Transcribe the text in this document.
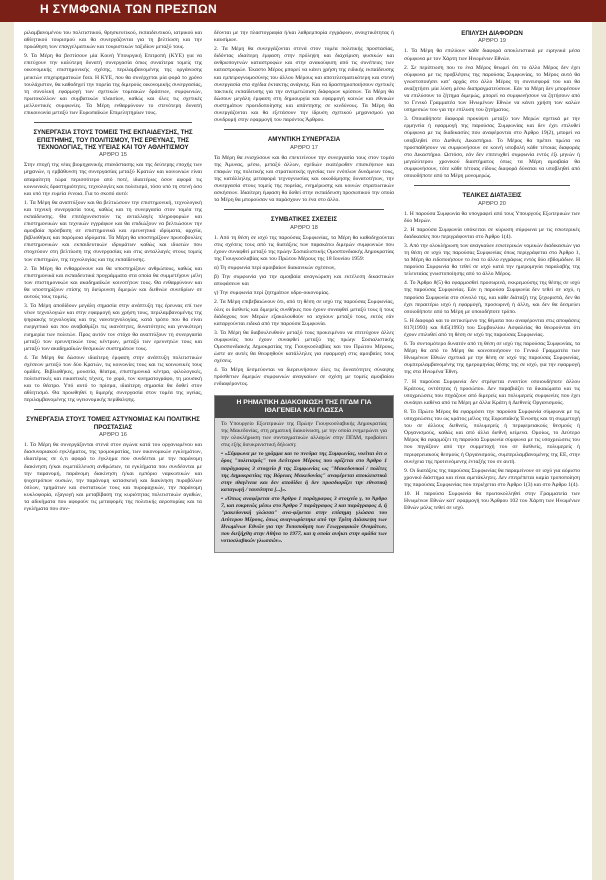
Η ΣΥΜΦΩΝΙΑ ΤΩΝ ΠΡΕΣΠΩΝ

ριλαμβανομένου του πολιτιστικού, θρησκευτικού, εκπαιδευτικού, ιατρικού και αθλητικού τουρισμού και θα συνεργάζονται για τη βελτίωση και την προώθηση των επαγγελματικών και τουριστικών ταξιδίων μεταξύ τους.

9. Τα Μέρη θα βεστίσουν μία Κοινή Υπουργική Επιτροπή (ΚΥΕ) για να επιτύχουν την καλύτερη δυνατή συνεργασία όπως συναίτερα τομείς της οικονομικής επιστημονικής σχέσης, περιλαμβανομένης της οργάνωσης μεικτών επιχειρηματικών fora. Η ΚΥΕ, που θα συνέρχεται μία φορά το χρόνο τουλάχιστον, θα καθοδηγεί την πορεία της διμερούς οικονομικής συνεργασίας, τη συνολική εφαρμογή των σχετικών τομεακών δράσεων, συμφωνιών, πρωτοκόλλων και συμβατικών πλαισίων, καθώς και όλες τις σχετικές μελλοντικές συμφωνίες. Τα Μέρη ενθαρρύνουν το στενότερη δυνατή επικοινωνία μεταξύ των Ευρωπαϊκών Επιμελητηρίων τους.

ΣΥΝΕΡΓΑΣΙΑ ΣΤΟΥΣ ΤΟΜΕΙΣ ΤΗΣ ΕΚΠΑΙΔΕΥΣΗΣ, ΤΗΣ ΕΠΙΣΤΗΜΗΣ, ΤΟΥ ΠΟΛΙΤΙΣΜΟΥ, ΤΗΣ ΕΡΕΥΝΑΣ, ΤΗΣ ΤΕΧΝΟΛΟΓΙΑΣ, ΤΗΣ ΥΓΕΙΑΣ ΚΑΙ ΤΟΥ ΑΘΛΗΤΙΣΜΟΥ
ΑΡΘΡΟ 15

Στην εποχή της νέας βιομηχανικής επανάστασης και της δεύτερης εποχής των μηχανών, η εμβάθυνση της συνεργασίας μεταξύ Κρατών και κοινωνιών είναι απαραίτητη τώρα περισσότερο από ποτέ, ιδιαιτέρως όσον αφορά τις κοινωνικές δραστηριότητες, τεχνολογίες και πολιτισμό, τόσο υπό τη στενή όσο και υπό την ευρεία έννοια. Για το σκοπό αυτό:

1. Τα Μέρη θα αναπτύξουν και θα βελτιώσουν την επιστημονική, τεχνολογική και τεχνική συνεργασία τους, καθώς και τη συνεργασία στον τομέα της εκπαίδευσης. Θα επιτάχυνσιστούν τις ανταλλαγές πληροφοριών και επιστημονικών και τεχνικών εγγράφων και θα επιδιώξουν να βελτιώσουν την αμοιβαία πρόσβαση σε επιστημονικά και ερευνητικά ιδρύματα, αρχεία, βιβλιοθήκες και παρόμοια ιδρύματα. Τα Μέρη θα υποστηρίξουν πρωτοβουλίες επιστημονικών και εκπαιδευτικών ιδρυμάτων καθώς και ιδιωτών που στοχεύουν στη βελτίωση της συνεργασίας και στις ανταλλαγές στους τομείς των επιστημών, της τεχνολογίας και της εκπαίδευσης.

2. Τα Μέρη θα ενθαρρύνουν και θα υποστηρίζουν ανθρώπους, καθώς και επιστημονικά και εκπαιδευτικά προγράμματα στα οποία θα συμμετέχουν μέλη των επιστημονικών και ακαδημαϊκών κοινοτήτων τους. Θα ενθαρρύνουν και θα υποστηρίζουν επίσης τη διεύρυνση διμερών και διεθνών συνεδρίων σε αυτούς τους τομείς.

3. Τα Μέρη αποδίδουν μεγάλη σημασία στην ανάπτυξη της έρευνας επί των νέων τεχνολογιών και στην εφαρμογή και χρήση τους, περιλαμβανομένης της ψηφιακής τεχνολογίας και της νανοτεχνολογίας, κατά τρόπο που θα είναι ευεργετικό και που αναβαθμίζει τις ικανότητες, δυνατότητες και γενικότερη ευημερία των πολιτών. Προς αυτόν τον στόχο θα αναπτύξουν τη συνεργασία μεταξύ των ερευνητικών τους κέντρων, μεταξύ των ερευνητών τους και μεταξύ των ακαδημαϊκών θεσμικών συστημάτων τους.

4. Τα Μέρη θα δώσουν ιδιαίτερη έμφαση στην ανάπτυξη πολιτιστικών σχέσεων μεταξύ των δύο Κρατών, τις κοινωνίες τους και τις κοινωνικές τους ομάδες. Βιβλιοθήκες, μουσεία, θέατρα, επιστημονικά κέντρα, φιλολογικές, πολιτιστικές και εικαστικές τέχνες, το χορό, τον κινηματογράφο, τη μουσική και το θέατρο. Υπό αυτό το πρίσμα, ιδιαίτερη σημασία θα δοθεί στον αθλητισμό. Θα προωθηθεί η διμερής συνεργασία στον τομέα της υγείας, περιλαμβανομένης της υγειονομικής περίθαλψης.

ΣΥΝΕΡΓΑΣΙΑ ΣΤΟΥΣ ΤΟΜΕΙΣ ΑΣΤΥΝΟΜΙΑΣ ΚΑΙ ΠΟΛΙΤΙΚΗΣ ΠΡΟΣΤΑΣΙΑΣ
ΑΡΘΡΟ 16

1. Τα Μέρη θα συνεργάζονται στενά στον αγώνα κατά του οργανωμένου και διασυνοριακού εγκλήματος, της τρομοκρατίας, των οικονομικών εγκλημάτων, ιδιαιτέρως σε ό,τι αφορά το έγκλημα που συνδέεται με την παράνομη διακίνηση ή/και εκμετάλλευση ανθρώπων, τα εγκλήματα που συνδέονται με την παρανομή, παράνομη διακίνηση ή/και εμπόριο ναρκωτικών και ψυχοτρόπων ουσιών, την παράνομη κατασκευή και διακίνηση πυροβόλων όπλων, τμημάτων και συστατικών τους και πυρομαχικών, την παράνομη κυκλοφορία, εξαγωγή και μεταβίβαση της κυριότητας πολιτιστικών αγαθών, τα αδικήματα που αφορούν τις μεταφορές της πολιτικής αεροπορίας και τα εγκλήματα που συν-

δέονται με την πλαστογραφία ή/και λαθρεμπορία εγγράφων, ανοιχτικότητας ή καυσίμων.

2. Τα Μέρη θα συνεργάζονται στενά στον τομέα πολιτικής προστασίας, διδόντας ιδιαίτερη έμφαση στην πρόληψη και διαχείριση φυσικών και ανθρωπογενών καταστροφών και στην ανακούφιση από τις συνέπειες των καταστροφών. Έκαστο Μέρος μπορεί να κάνει χρήση της ειδικής εκπαίδευσης και εμπειρογνωμοσύνης του άλλου Μέρους και αποτελεσματικότερη και στενή συνεργασία στα σχέδια έκτακτης ανάγκης. Και να δραστηριοποιήσουν σχετικές τακτικές εκπαίδευσης για την αντιμετώπιση διάφορων κρίσεων. Τα Μέρη θα δώσουν μεγάλη έμφαση στη δημιουργία και εφαρμογή κοινών και εθνικών συστημάτων προειδοποίησης και απάντησης σε κινδύνους. Τα Μέρη θα συνεργάζονται και θα εξετάσουν την ίδρυση σχετικού μηχανισμού για συνδρομή στην εφαρμογή του παρόντος Άρθρου.

ΑΜΥΝΤΙΚΗ ΣΥΝΕΡΓΑΣΙΑ
ΑΡΘΡΟ 17

Τα Μέρη θα ενισχύσουν και θα επεκτείνουν την συνεργασία τους στον τομέα της Άμυνας, μέσω, μεταξύ άλλων, σχεδιών εκατέρωθεν επισκέψεων και επαφών της πολιτικής και στρατιωτικής ηγεσίας των ενόπλων δυνάμεων τους, της κατάλληλης μεταφορά τεχνογνωσίας και οικοδόμησης δυνατοτήτων, την συνεργασία στους τομείς της πορείας, ενημέρωσης και κοινών στρατιωτικών ασκήσεων. Ιδιαίτερη έμφαση θα δοθεί στην εκπαίδευση προσωπικού την οποία τα Μέρη θα μπορούσαν να παράσχουν το ένα στο άλλο.

ΣΥΜΒΑΤΙΚΕΣ ΣΧΕΣΕΙΣ
ΑΡΘΡΟ 18

1. Από τη θέση σε ισχύ της παρούσας Συμφωνίας, τα Μέρη θα καθοδηγούνται στις σχέσεις τους από τις διατάξεις των παρακάτω διμερών συμφωνιών που έχουν συναφθεί μεταξύ της πρώην Σοσιαλιστικής Ομοσπονδιακής Δημοκρατίας της Γιουγκοσλαβίας και του Πρώτου Μέρους της 18 Ιουνίου 1959:

α) Τη συμφωνία περί αμοιβαίων διακανικών σχέσεων,

β) Την συμφωνία για την αμοιβαία αναγνώριση και εκτέλεση δικαστικών αποφάσεων και

γ) Την συμφωνία περί ζητημάτων υδρο-οικονομίας.

2. Τα Μέρη επιβεβαιώνουν ότι, από τη θέση σε ισχύ της παρούσας Συμφωνίας, όλες οι διεθνείς και διμερείς συνθήκες που έχουν συναφθεί μεταξύ τους ή τους διάδοχους των Μερών εξακολουθούν να ισχύουν μεταξύ τους, εκτός εάν καταργούνται ειδικά από την παρούσα Συμφωνία.

3. Τα Μέρη θα διαβουλευθούν μεταξύ τους προκειμένου να επιτεύχουν άλλες συμφωνίες που έχουν συναφθεί μεταξύ της πρώην Σοσιαλιστικής Ομοσπονδιακής Δημοκρατίας της Γιουγκοσλαβίας και του Πρώτου Μέρους, ώστε αν αυτές θα θεωρηθούν κατάλληλες για εφαρμογή στις αμοιβαίες τους σχέσεις.

4. Τα Μέρη δεσμεύονται να διερευνήσουν όλες τις δυνατότητες σύναψης πρόσθετων διμερών συμφωνιών αναγκαίων σε σχέση με τομείς αμοιβαίου ενδιαφέροντος.

Η ΡΗΜΑΤΙΚΗ ΔΙΑΚΟΙΝΩΣΗ ΤΗΣ ΠΓΔΜ ΓΙΑ ΙΘΑΓΕΝΕΙΑ ΚΑΙ ΓΛΩΣΣΑ

Το Υπουργείο Εξωτερικών της Πρώην Γιουγκοσλαβικής Δημοκρατίας της Μακεδονίας, στη ρηματική διακοίνωση, με την οποία ενημερώνει για την ολοκλήρωση των συνταγματικών αλλαγών στην ΠΓΔΜ, προβαίνει στις εξής διευκρινιστική δήλωση:

• «Σύμφωνα με το γράμμα και το πνεύμα της Συμφωνίας, νοείται ότι ο όρος "πολιτισμός" του Δεύτερου Μέρους που ορίζεται στο Άρθρο 1 παράγραφος 3 στοιχείο β της Συμφωνίας ως "Μακεδονικοί / πολίτες της Δημοκρατίας της Βόρειας Μακεδονίας" αναφέρεται αποκλειστικά στην ιθαγένεια και δεν αποδίδει ή δεν προσδιορίζει την εθνοτική καταγωγή / ταυτότητα [...]».

• «Όπως αναφέρεται στο Άρθρο 1 παράγραφος 3 στοιχείο γ, το Άρθρο 7, και ευκρινώς μέσω στο Άρθρο 7 παράγραφος 3 και παράγραφος 4, ή "μακεδονική γλώσσα" ανα-φέρεται στην επίσημη γλώσσα του Δεύτερου Μέρους, όπως αναγνωρίστηκε από την Τρίτη Διάσκεψη των Ηνωμένων Εθνών για την Τυποποίηση των Γεωγραφικών Ονομάτων, που διεξήχθη στην Αθήνα το 1977, και η οποία ανήκει στην ομάδα των νοτιοσλαβικών γλωσσών».

ΕΠΙΛΥΣΗ ΔΙΑΦΟΡΩΝ
ΑΡΘΡΟ 19

1. Τα Μέρη θα επιλύουν κάθε διαφορά αποκλειστικά με ειρηνικά μέσα σύμφωνα με τον Χάρτη των Ηνωμένων Εθνών.

2. Σε περίπτωση που το ένα Μέρος θεωρεί ότι το άλλο Μέρος δεν έχει σύμφωνα με τις προβλέψεις της παρούσας Συμφωνίας, το Μέρος αυτό θα γνωστοποιήσει κατ' αρχάς στο άλλο Μέρος τη συνεισφορά του και θα αναζητήσει μία λύση μέσω διαπραγματεύσεων. Εάν τα Μέρη δεν μπορέσουν να επιλύσουν το ζήτημα διμερώς, μπορεί να συμφωνήσουν να ζητήσουν από το Γενικό Γραμματέα των Ηνωμένων Εθνών να κάνει χρήση των καλών υπηρεσιών του για την επίλυση του ζητήματος.

3. Οποιαδήποτε διαφορά προκύψει μεταξύ των Μερών σχετικά με την ερμηνεία ή εφαρμογή της παρούσας Συμφωνίας και δεν έχει επιλυθεί σύμφωνα με τις διαδικασίες που αναφέρονται στο Άρθρο 19(2), μπορεί να υποβληθεί στο Διεθνές Δικαστήριο. Το Μέρος θα πρέπει πρώτα να προσπαθήσουν να συμφωνήσουν σε κοινή υποβολή κάθε τέτοιας διαφοράς στο Δικαστήριο. Ωστόσο, εάν δεν επιτευχθεί συμφωνία εντός έξι μηνών ή μεγαλύτερου χρονικού διαστήματος όπως τα Μέρη αμοιβαία θα συμφωνήσουν, τότε κάθε τέτοιας είδους διαφορά δύναται να υποβληθεί από οποιοδήποτε από τα Μέρη μονομερώς.

ΤΕΛΙΚΕΣ ΔΙΑΤΑΞΕΙΣ
ΑΡΘΡΟ 20

1. Η παρούσα Συμφωνία θα υπογραφεί από τους Υπουργούς Εξωτερικών των δύο Μερών.

2. Η παρούσα Συμφωνία υπόκειται σε κύρωση σύμφωνα με τις εσωτερικές διαδικασίες που περιγράφονται στο Άρθρο 1(4).

3. Από την ολοκλήρωση των αναγκαίων εσωτερικών νομικών διαδικασιών για τη θέση σε ισχύ της παρούσας Συμφωνίας όπως περιγράφεται στο Άρθρο 1, τα Μέρη θα ειδοποιήσουν το ένα το άλλο εγγράφως εντός δύο εβδομάδων. Η παρούσα Συμφωνία θα τεθεί σε ισχύ κατά την ημερομηνία παραλαβής της τελευταίας γνωστοποίησης από το άλλο Μέρος.

4. Το Άρθρο 8(5) θα εφαρμοσθεί προσωρινά, εκκρεμούσης της θέσης σε ισχύ της παρούσας Συμφωνίας. Εάν η παρούσα Συμφωνία δεν τεθεί σε ισχύ, η παρούσα Συμφωνία στο σύνολό της, και κάθε διάταξή της ξεχωριστά, δεν θα έχει περαιτέρω ισχύ ή εφαρμογή, προσωρινή ή άλλη, και δεν θα δεσμεύει οποιοδήποτε από τα Μέρη με οποιοδήποτε τρόπο.

5. Η διαφορά και το αντικείμενο της θέματα που αναφέρονται στις αποφάσεις 817(1993) και 845(1993) του Συμβουλίου Ασφαλείας θα θεωρούνται ότι έχουν επιλυθεί από τη θέση σε ισχύ της παρούσας Συμφωνίας.

6. Το συντομότερο δυνατόν από τη θέση σε ισχύ της παρούσας Συμφωνίας, τα Μέρη θα από το Μέρη θα κοινοποιήσουν το Γενικό Γραμματέα των Ηνωμένων Εθνών σχετικά με την θέση σε ισχύ της παρούσας Συμφωνίας, συμπεριλαμβανομένης της ημερομηνίας θέσης της σε ισχύ, για την εφαρμογή της στα Ηνωμένα Έθνη.

7. Η παρούσα Συμφωνία δεν στρέφεται εναντίον οποιουδήποτε άλλου Κράτους, οντότητας ή προσώπου. Δεν παραβιάζει τα δικαιώματα και τις υποχρεώσεις που πηγάζουν από διμερείς και πολυμερείς συμφωνίες που έχει συνάψει καθένα από τα Μέρη με άλλα Κράτη ή Διεθνείς Οργανισμούς.

8. Το Πρώτο Μέρος θα εφαρμόσει την παρούσα Συμφωνία σύμφωνα με τις υποχρεώσεις του ως κράτος μέλος της Ευρωπαϊκής Ένωσης και τη συμμετοχή του σε άλλους διεθνείς, πολυμερείς ή περιφερειακούς θεσμούς ή Οργανισμούς, καθώς και από άλλα διεθνή κείμενα. Ομοίως, το Δεύτερο Μέρος θα εφαρμόζει τη παρούσα Συμφωνία σύμφωνα με τις υποχρεώσεις του που πηγάζουν από την συμμετοχή του σε διεθνείς, πολυμερείς ή περιφερειακούς θεσμούς ή Οργανισμούς, συμπεριλαμβανομένης της ΕΕ, στην συνέχεια της προτεινόμενης ένταξής του σε αυτή.

9. Οι διατάξεις της παρούσας Συμφωνίας θα παραμείνουν σε ισχύ για αόριστο χρονικό διάστημα και είναι αμετάκλητες. Δεν επιτρέπεται καμία τροποποίηση της παρούσας Συμφωνίας που περιέχεται στο Άρθρο 1(3) και στο Άρθρο 1(4).

10. Η παρούσα Συμφωνία θα πρωτοκολληθεί στην Γραμματεία των Ηνωμένων Εθνών κατ' εφαρμογή του Άρθρου 102 του Χάρτη των Ηνωμένων Εθνών μόλις τεθεί σε ισχύ.
